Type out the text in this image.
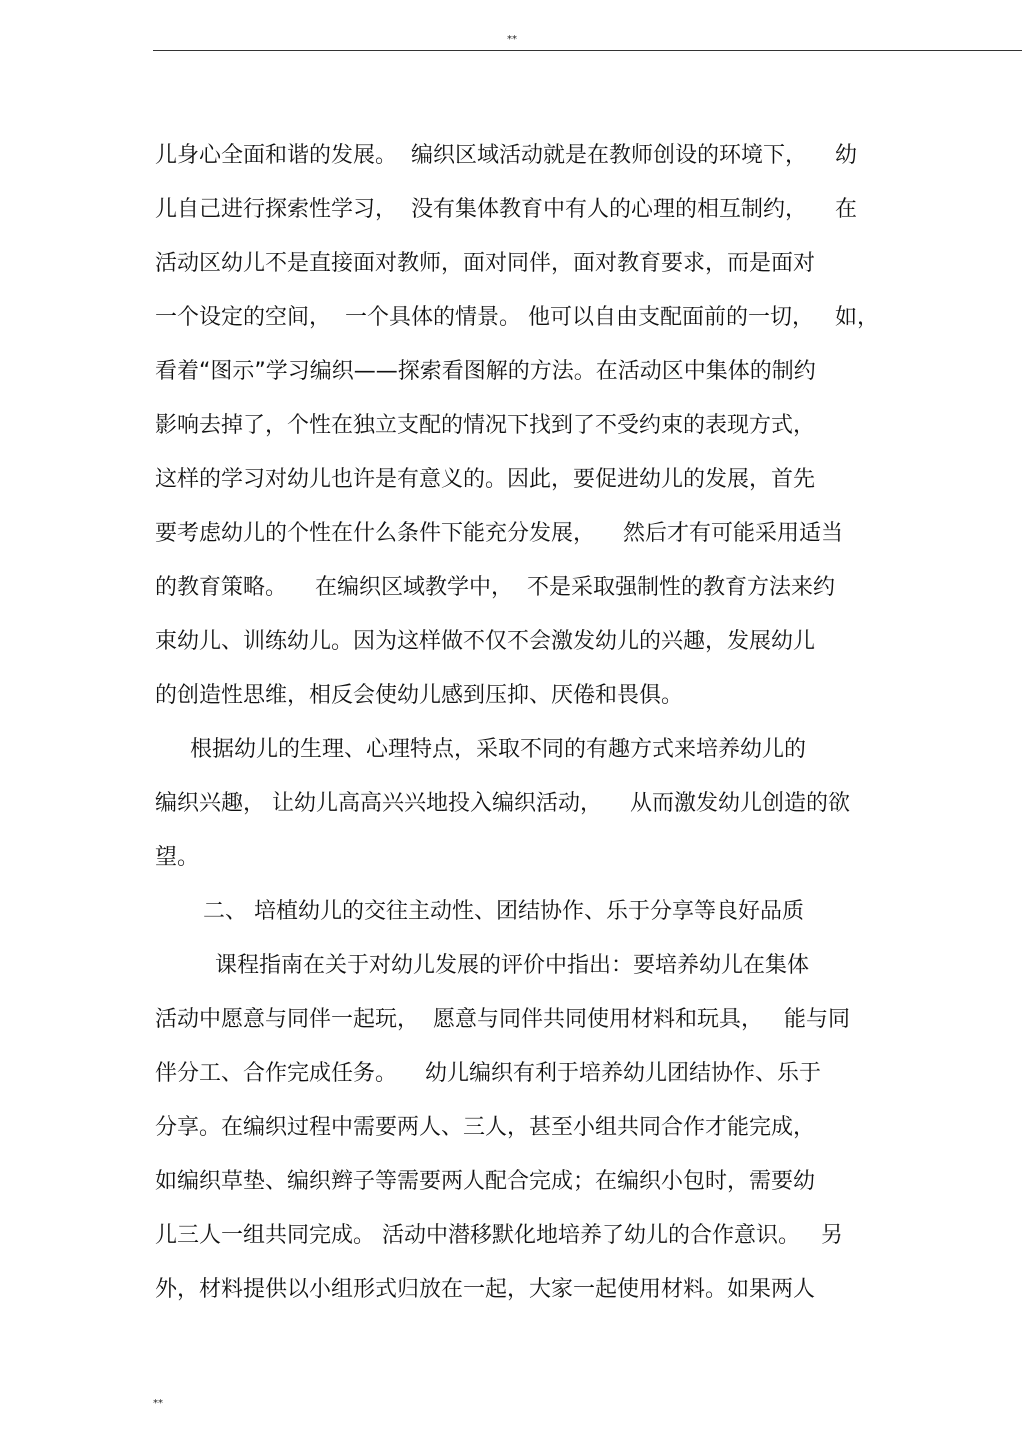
**
儿身心全面和谐的发展。  编织区域活动就是在教师创设的环境下，    幼
儿自己进行探索性学习，  没有集体教育中有人的心理的相互制约，    在
活动区幼儿不是直接面对教师，面对同伴，面对教育要求，而是面对
一个设定的空间，  一个具体的情景。 他可以自由支配面前的一切，   如，
看着“图示”学习编织——探索看图解的方法。在活动区中集体的制约
影响去掉了，个性在独立支配的情况下找到了不受约束的表现方式，
这样的学习对幼儿也许是有意义的。因此，要促进幼儿的发展，首先
要考虑幼儿的个性在什么条件下能充分发展，    然后才有可能采用适当
的教育策略。    在编织区域教学中，  不是采取强制性的教育方法来约
束幼儿、训练幼儿。因为这样做不仅不会激发幼儿的兴趣，发展幼儿
的创造性思维，相反会使幼儿感到压抑、厌倦和畏俱。
根据幼儿的生理、心理特点，采取不同的有趣方式来培养幼儿的
编织兴趣， 让幼儿高高兴兴地投入编织活动，    从而激发幼儿创造的欲
望。
二、 培植幼儿的交往主动性、团结协作、乐于分享等良好品质
课程指南在关于对幼儿发展的评价中指出：要培养幼儿在集体
活动中愿意与同伴一起玩，  愿意与同伴共同使用材料和玩具，   能与同
伴分工、合作完成任务。    幼儿编织有利于培养幼儿团结协作、乐于
分享。在编织过程中需要两人、三人，甚至小组共同合作才能完成，
如编织草垫、编织辫子等需要两人配合完成；在编织小包时，需要幼
儿三人一组共同完成。 活动中潜移默化地培养了幼儿的合作意识。   另
外，材料提供以小组形式归放在一起，大家一起使用材料。如果两人
**
